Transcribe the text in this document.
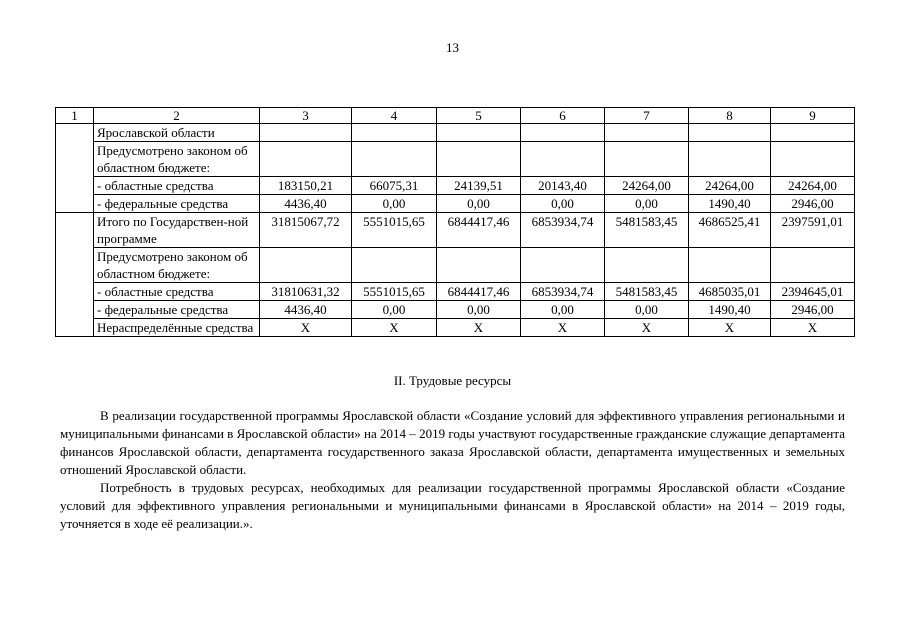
13
1	2	3	4	5	6	7	8	9
	Ярославской области							
	Предусмотрено законом об областном бюджете:							
	- областные средства	183150,21	66075,31	24139,51	20143,40	24264,00	24264,00	24264,00
	- федеральные средства	4436,40	0,00	0,00	0,00	0,00	1490,40	2946,00
	Итого по Государствен-ной программе	31815067,72	5551015,65	6844417,46	6853934,74	5481583,45	4686525,41	2397591,01
	Предусмотрено законом об областном бюджете:							
	- областные средства	31810631,32	5551015,65	6844417,46	6853934,74	5481583,45	4685035,01	2394645,01
	- федеральные средства	4436,40	0,00	0,00	0,00	0,00	1490,40	2946,00
	Нераспределённые средства	Х	Х	Х	Х	Х	Х	Х
II. Трудовые ресурсы

В реализации государственной программы Ярославской области «Создание условий для эффективного управления региональными и муниципальными финансами в Ярославской области» на 2014 – 2019 годы участвуют государственные гражданские служащие департамента финансов Ярославской области, департамента государственного заказа Ярославской области, департамента имущественных и земельных отношений Ярославской области.

Потребность в трудовых ресурсах, необходимых для реализации государственной программы Ярославской области «Создание условий для эффективного управления региональными и муниципальными финансами в Ярославской области» на 2014 – 2019 годы, уточняется в ходе её реализации.».
